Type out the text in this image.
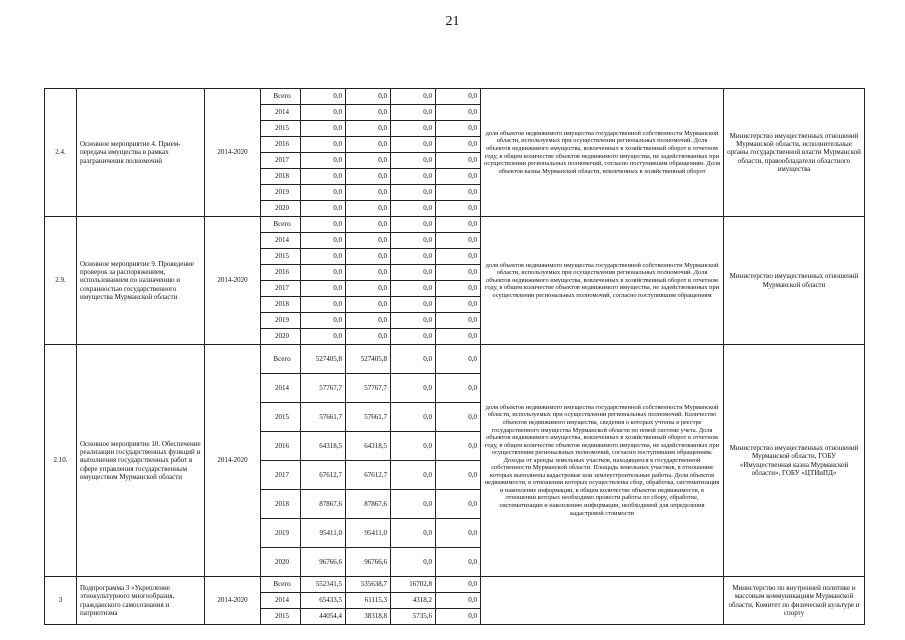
21
2.4.	Основное мероприятие 4. Прием-передача имущества в рамках разграничения полномочий	2014-2020	Всего	0,0	0,0	0,0	0,0	доля объектов недвижимого имущества государственной собственности Мурманской области, используемых при осуществлении региональных полномочий. Доля объектов недвижимого имущества, вовлеченных в хозяйственный оборот в отчетном году, в общем количестве объектов недвижимого имущества, не задействованных при осуществлении региональных полномочий, согласно поступившим обращениям. Доля объектов казны Мурманской области, вовлеченных в хозяйственный оборот	Министерство имущественных отношений Мурманской области, исполнительные органы государственной власти Мурманской области, правообладатели областного имущества
			2014	0,0	0,0	0,0	0,0		
			2015	0,0	0,0	0,0	0,0		
			2016	0,0	0,0	0,0	0,0		
			2017	0,0	0,0	0,0	0,0		
			2018	0,0	0,0	0,0	0,0		
			2019	0,0	0,0	0,0	0,0		
			2020	0,0	0,0	0,0	0,0		
2.9.	Основное мероприятие 9. Проведение проверок за распоряжением, использованием по назначению и сохранностью государственного имущества Мурманской области	2014-2020	Всего	0,0	0,0	0,0	0,0	доля объектов недвижимого имущества государственной собственности Мурманской области, используемых при осуществлении региональных полномочий. Доля объектов недвижимого имущества, вовлеченных в хозяйственный оборот в отчетном году, в общем количестве объектов недвижимого имущества, не задействованных при осуществлении региональных полномочий, согласно поступившим обращениям	Министерство имущественных отношений Мурманской области
			2014	0,0	0,0	0,0	0,0		
			2015	0,0	0,0	0,0	0,0		
			2016	0,0	0,0	0,0	0,0		
			2017	0,0	0,0	0,0	0,0		
			2018	0,0	0,0	0,0	0,0		
			2019	0,0	0,0	0,0	0,0		
			2020	0,0	0,0	0,0	0,0		
2.10.	Основное мероприятие 10. Обеспечение реализации государственных функций и выполнения государственных работ в сфере управления государственным имуществом Мурманской области	2014-2020	Всего	527405,8	527405,8	0,0	0,0	доля объектов недвижимого имущества государственной собственности Мурманской области, используемых при осуществлении региональных полномочий. Количество объектов недвижимого имущества, сведения о которых учтены в реестре государственного имущества Мурманской области по новой системе учета. Доля объектов недвижимого имущества, вовлеченных в хозяйственный оборот в отчетном году, в общем количестве объектов недвижимого имущества, не задействованных при осуществлении региональных полномочий, согласно поступившим обращениям. Доходы от аренды земельных участков, находящихся в государственной собственности Мурманской области. Площадь земельных участков, в отношении которых выполнены кадастровые или землеустроительные работы. Доля объектов недвижимости, в отношении которых осуществлены сбор, обработка, систематизация и накопление информации, в общем количестве объектов недвижимости, в отношении которых необходимо провести работы по сбору, обработке, систематизации и накоплению информации, необходимой для определения кадастровой стоимости	Министерство имущественных отношений Мурманской области, ГОБУ «Имущественная казна Мурманской области», ГОБУ «ЦТИиПД»
			2014	57767,7	57767,7	0,0	0,0		
			2015	57661,7	57661,7	0,0	0,0		
			2016	64318,5	64318,5	0,0	0,0		
			2017	67612,7	67612,7	0,0	0,0		
			2018	87867,6	87867,6	0,0	0,0		
			2019	95411,0	95411,0	0,0	0,0		
			2020	96766,6	96766,6	0,0	0,0		
3	Подпрограмма 3 «Укрепление этнокультурного многообразия, гражданского самосознания и патриотизма	2014-2020	Всего	552341,5	535638,7	16702,8	0,0		Министерство по внутренней политике и массовым коммуникациям Мурманской области, Комитет по физической культуре и спорту
			2014	65433,5	61115,3	4318,2	0,0		
			2015	44054,4	38318,8	5735,6	0,0		
